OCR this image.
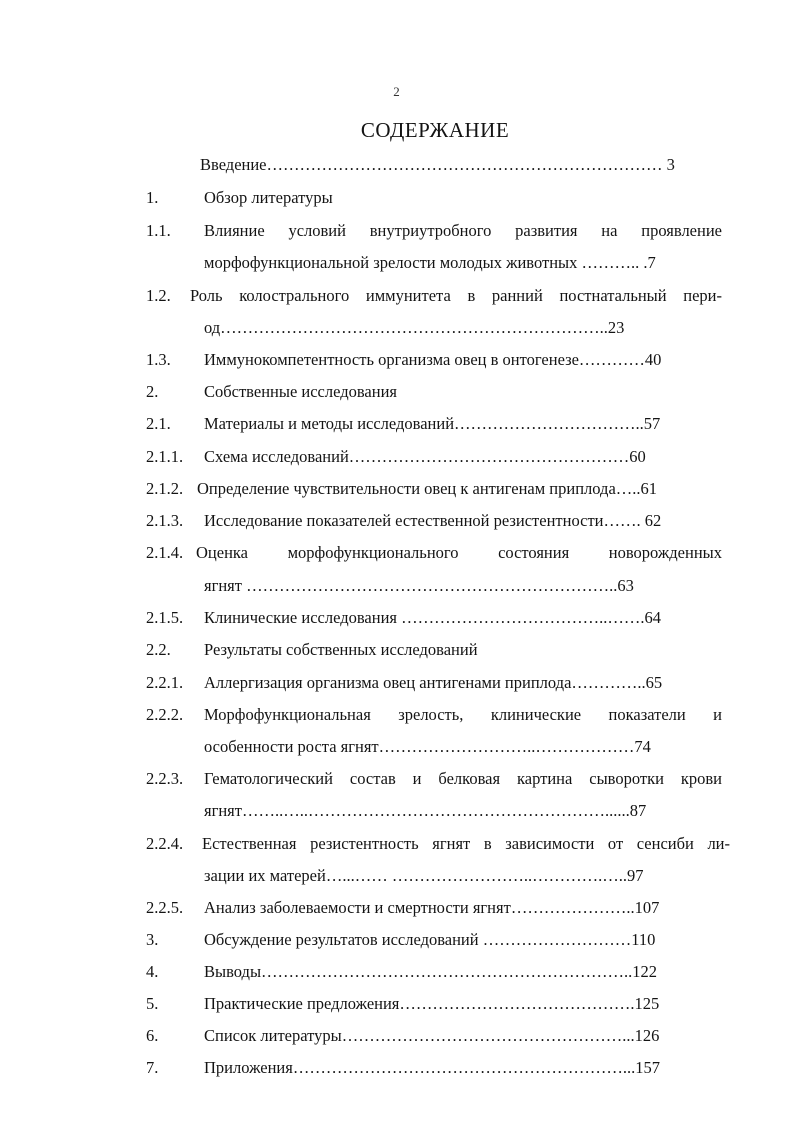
2
СОДЕРЖАНИЕ
Введение……………………………………………………………… 3
1.	Обзор литературы
1.1. Влияние условий внутриутробного развития на проявление
морфофункциональной зрелости молодых животных ……….. .7
1.2. Роль колострального иммунитета в ранний постнатальный пери-
од……………………………………………………………..23
1.3. Иммунокомпетентность организма овец в онтогенезе…………40
2.	Собственные исследования
2.1. Материалы и методы исследований……………………………..57
2.1.1. Схема исследований……………………………………………60
2.1.2. Определение чувствительности овец к антигенам приплода…..61
2.1.3. Исследование показателей естественной резистентности……. 62
2.1.4. Оценка морфофункционального состояния новорожденных
ягнят …………………………………………………………..63
2.1.5. Клинические исследования ………………………………..…….64
2.2. Результаты собственных исследований
2.2.1. Аллергизация организма овец антигенами приплода…………..65
2.2.2. Морфофункциональная зрелость, клинические показатели и
особенности роста ягнят………………………..………………74
2.2.3. Гематологический состав и белковая картина сыворотки крови
ягнят……..…..………………………………………………......87
2.2.4. Естественная резистентность ягнят в зависимости от сенсиби ли-
зации их матерей…...…… ……………………..………….…..97
2.2.5. Анализ заболеваемости и смертности ягнят…………………..107
3.	Обсуждение результатов исследований ………………………110
4.	Выводы…………………………………………………………..122
5.	Практические предложения…………………………………….125
6.	Список литературы……………………………………………...126
7.	Приложения……………………………………………………...157
